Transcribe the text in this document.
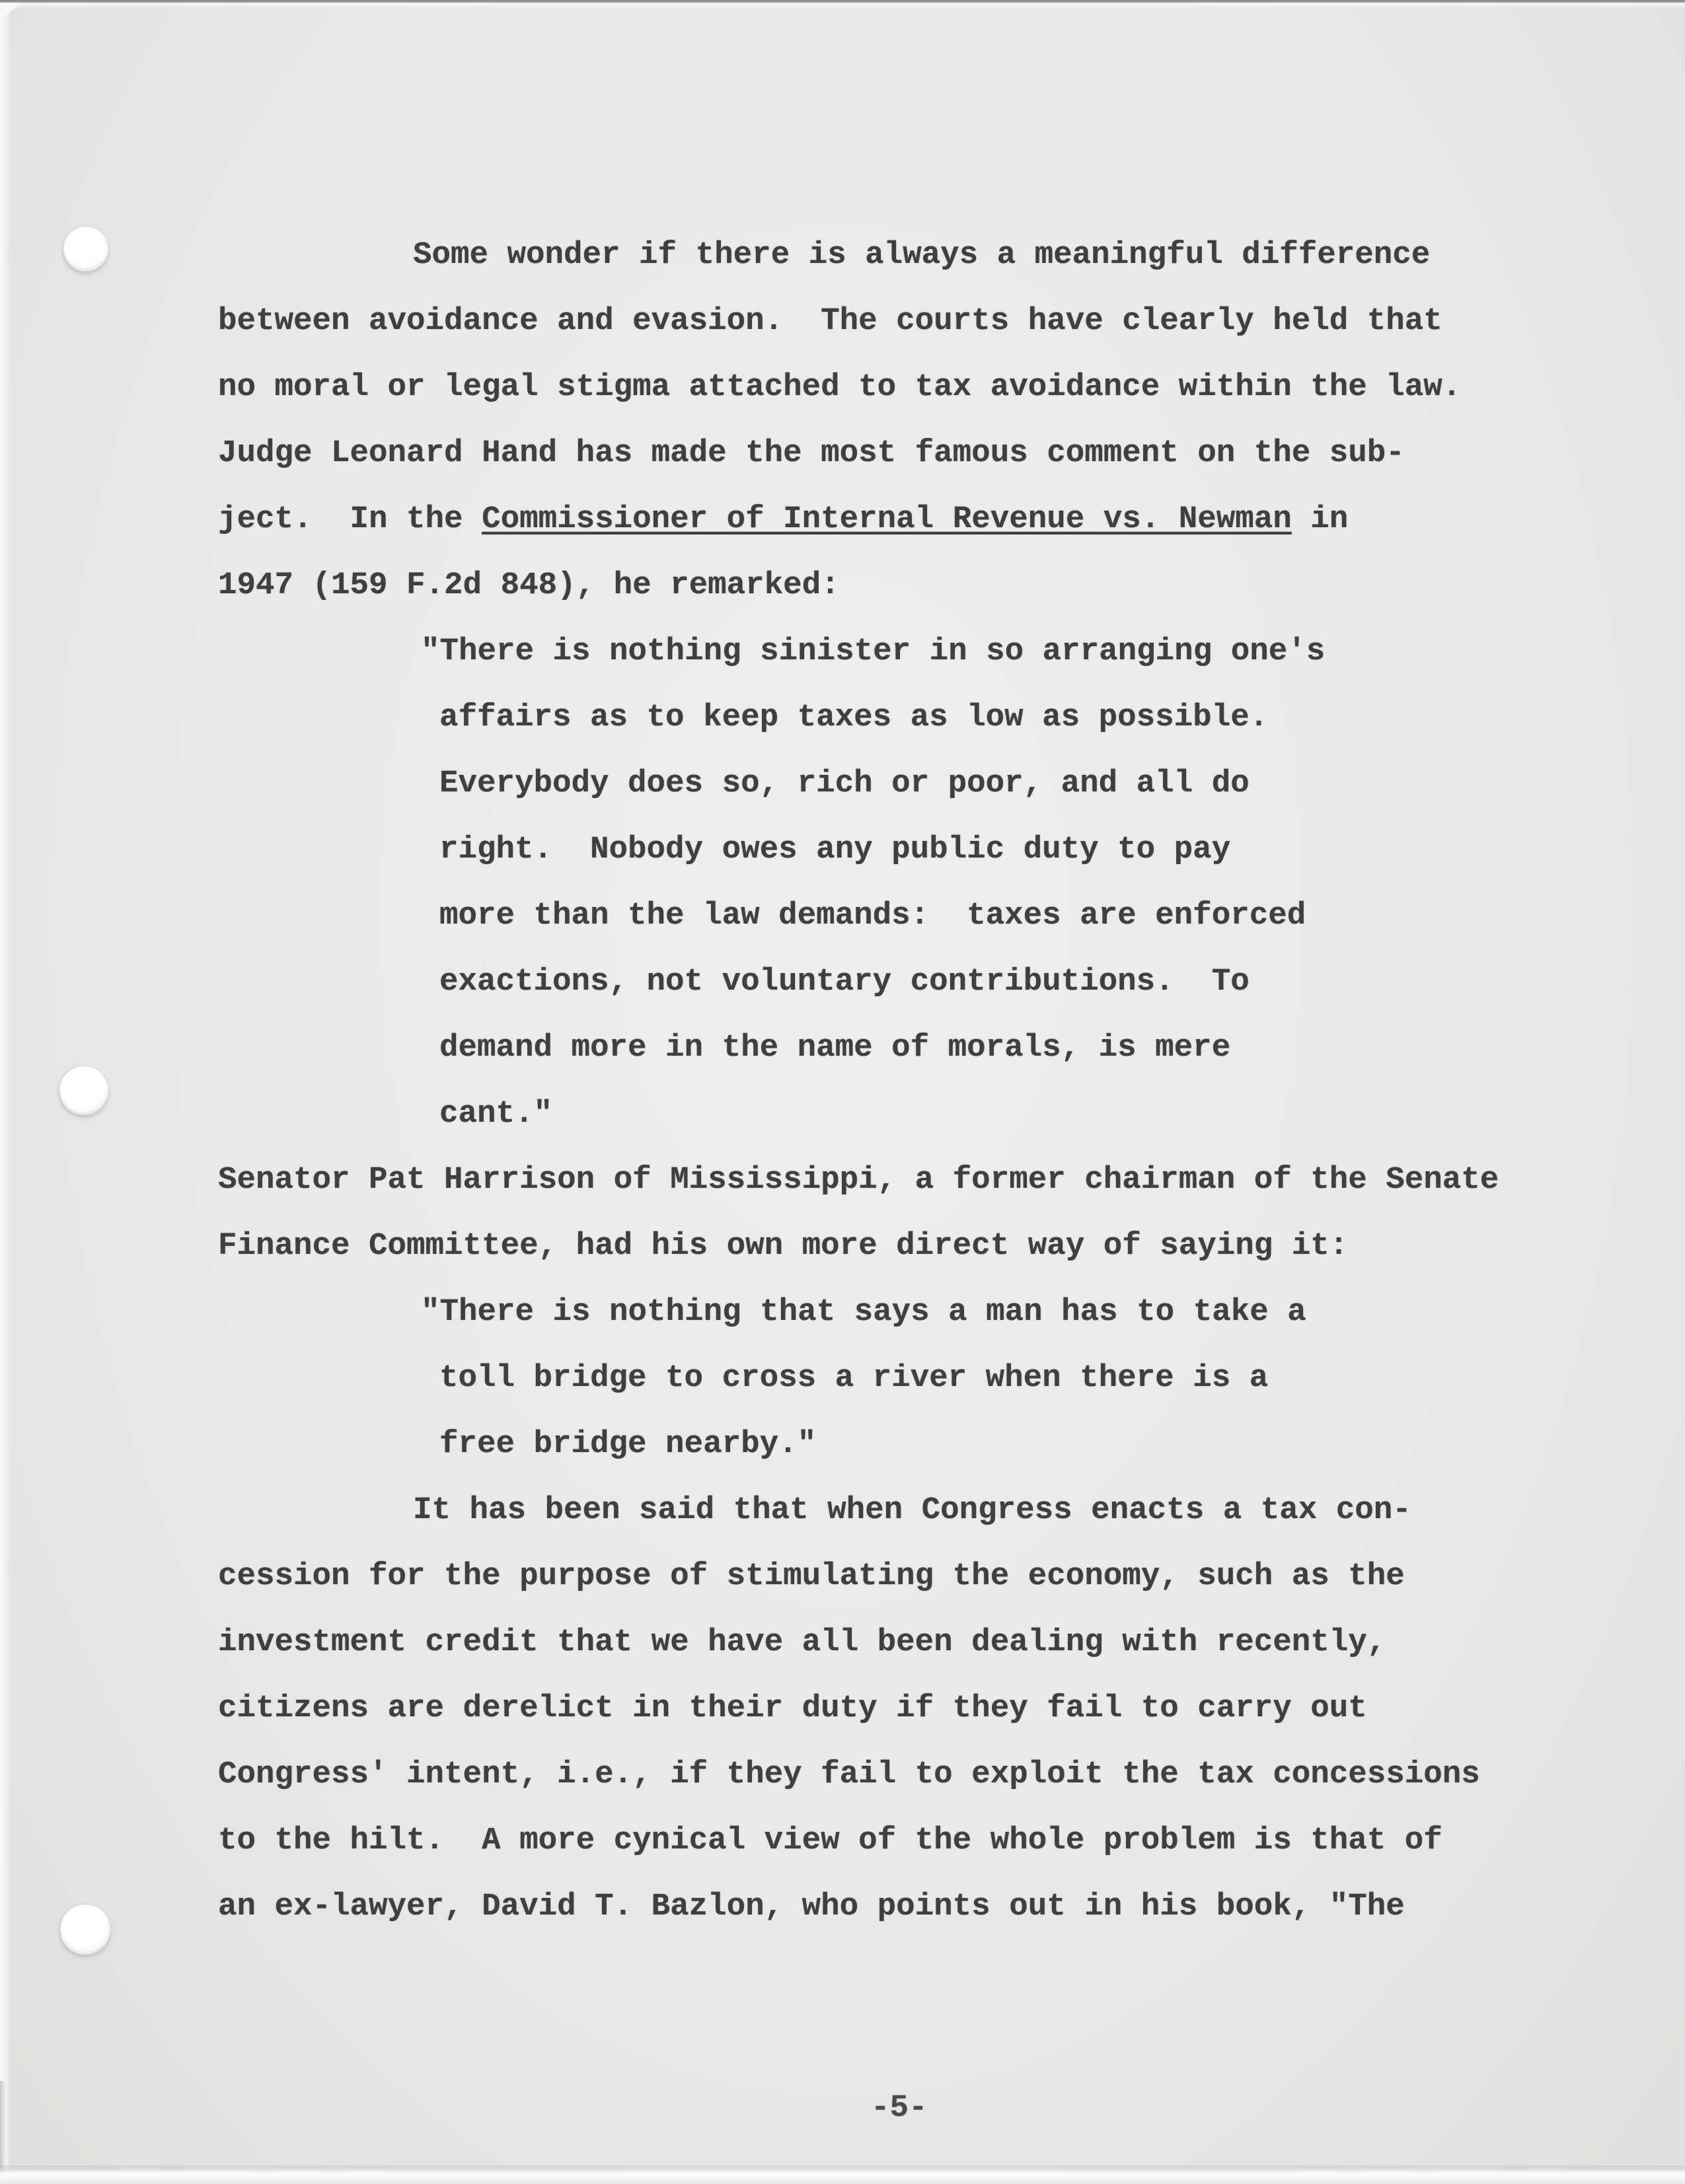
Some wonder if there is always a meaningful difference
between avoidance and evasion.  The courts have clearly held that
no moral or legal stigma attached to tax avoidance within the law.
Judge Leonard Hand has made the most famous comment on the sub-
ject.  In the Commissioner of Internal Revenue vs. Newman in
1947 (159 F.2d 848), he remarked:
"There is nothing sinister in so arranging one's
affairs as to keep taxes as low as possible.
Everybody does so, rich or poor, and all do
right.  Nobody owes any public duty to pay
more than the law demands:  taxes are enforced
exactions, not voluntary contributions.  To
demand more in the name of morals, is mere
cant."
Senator Pat Harrison of Mississippi, a former chairman of the Senate
Finance Committee, had his own more direct way of saying it:
"There is nothing that says a man has to take a
toll bridge to cross a river when there is a
free bridge nearby."
It has been said that when Congress enacts a tax con-
cession for the purpose of stimulating the economy, such as the
investment credit that we have all been dealing with recently,
citizens are derelict in their duty if they fail to carry out
Congress' intent, i.e., if they fail to exploit the tax concessions
to the hilt.  A more cynical view of the whole problem is that of
an ex-lawyer, David T. Bazlon, who points out in his book, "The
-5-
